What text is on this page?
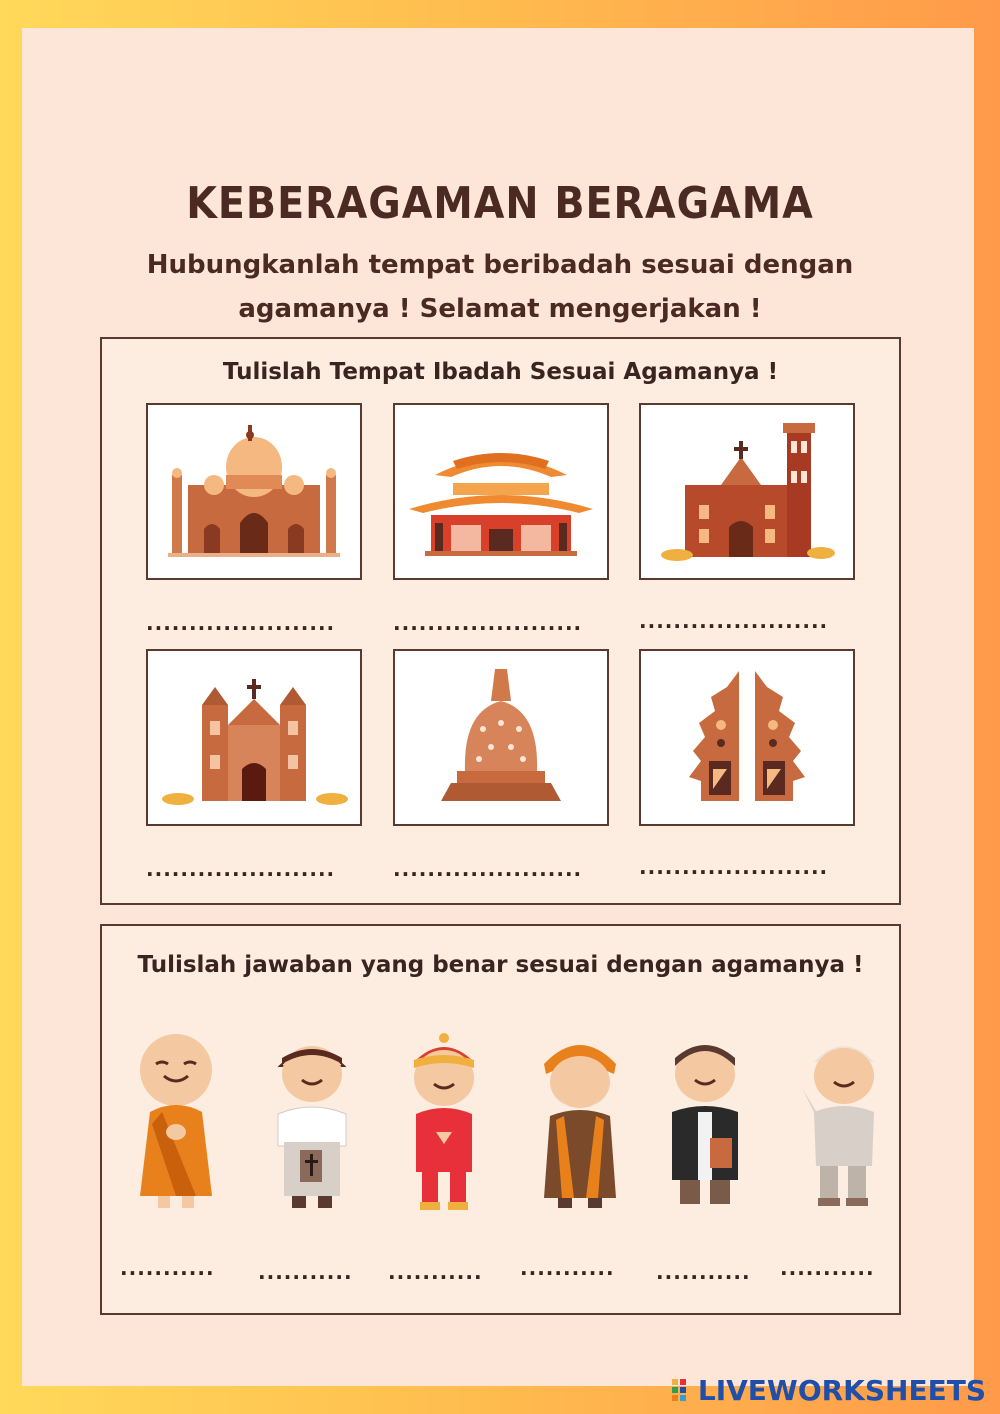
KEBERAGAMAN BERAGAMA
Hubungkanlah tempat beribadah sesuai dengan
agamanya ! Selamat mengerjakan !
Tulislah Tempat Ibadah Sesuai Agamanya !
......................	......................	......................
......................	......................	......................
Tulislah jawaban yang benar sesuai dengan agamanya !
........... ........... ........... ........... ........... ...........
LIVEWORKSHEETS
